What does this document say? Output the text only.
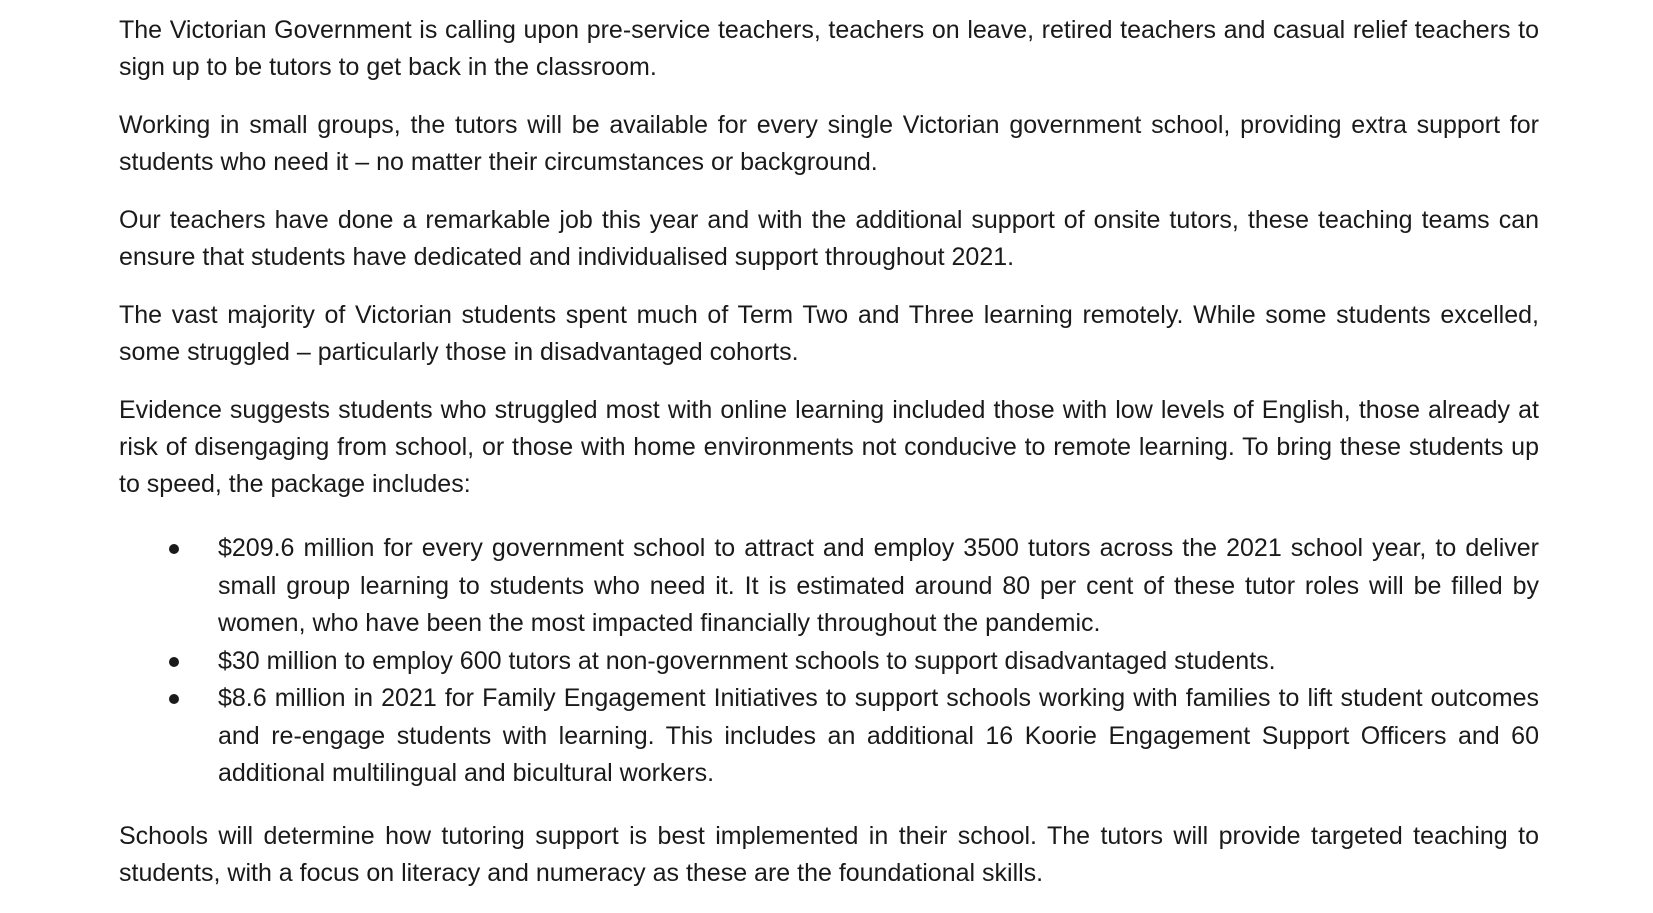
The Victorian Government is calling upon pre-service teachers, teachers on leave, retired teachers and casual relief teachers to sign up to be tutors to get back in the classroom.

Working in small groups, the tutors will be available for every single Victorian government school, providing extra support for students who need it – no matter their circumstances or background.

Our teachers have done a remarkable job this year and with the additional support of onsite tutors, these teaching teams can ensure that students have dedicated and individualised support throughout 2021.

The vast majority of Victorian students spent much of Term Two and Three learning remotely. While some students excelled, some struggled – particularly those in disadvantaged cohorts.

Evidence suggests students who struggled most with online learning included those with low levels of English, those already at risk of disengaging from school, or those with home environments not conducive to remote learning. To bring these students up to speed, the package includes:

$209.6 million for every government school to attract and employ 3500 tutors across the 2021 school year, to deliver small group learning to students who need it. It is estimated around 80 per cent of these tutor roles will be filled by women, who have been the most impacted financially throughout the pandemic.
$30 million to employ 600 tutors at non-government schools to support disadvantaged students.
$8.6 million in 2021 for Family Engagement Initiatives to support schools working with families to lift student outcomes and re-engage students with learning. This includes an additional 16 Koorie Engagement Support Officers and 60 additional multilingual and bicultural workers.

Schools will determine how tutoring support is best implemented in their school. The tutors will provide targeted teaching to students, with a focus on literacy and numeracy as these are the foundational skills.
